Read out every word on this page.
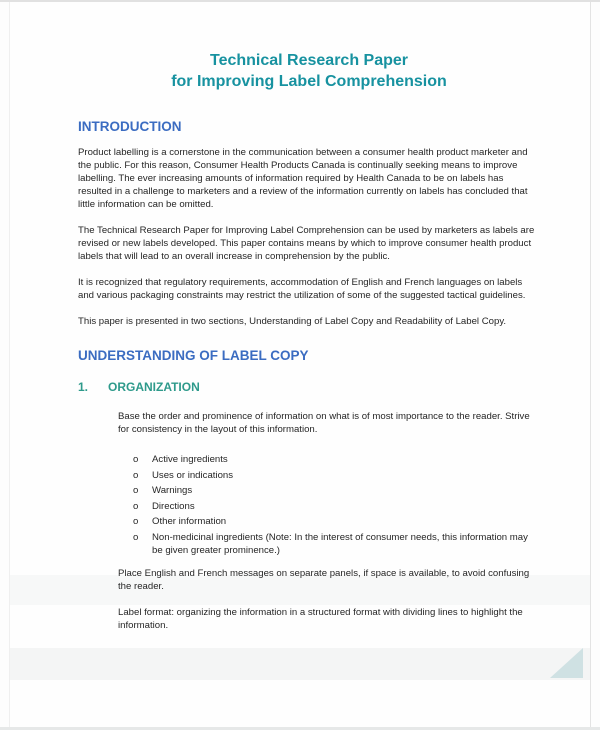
Technical Research Paper
for Improving Label Comprehension
INTRODUCTION

Product labelling is a cornerstone in the communication between a consumer health product marketer and the public. For this reason, Consumer Health Products Canada is continually seeking means to improve labelling. The ever increasing amounts of information required by Health Canada to be on labels has resulted in a challenge to marketers and a review of the information currently on labels has concluded that little information can be omitted.

The Technical Research Paper for Improving Label Comprehension can be used by marketers as labels are revised or new labels developed. This paper contains means by which to improve consumer health product labels that will lead to an overall increase in comprehension by the public.

It is recognized that regulatory requirements, accommodation of English and French languages on labels and various packaging constraints may restrict the utilization of some of the suggested tactical guidelines.

This paper is presented in two sections, Understanding of Label Copy and Readability of Label Copy.

UNDERSTANDING OF LABEL COPY
1.	ORGANIZATION

Base the order and prominence of information on what is of most importance to the reader. Strive for consistency in the layout of this information.

o	Active ingredients
o	Uses or indications
o	Warnings
o	Directions
o	Other information
o	Non-medicinal ingredients (Note: In the interest of consumer needs, this information may be given greater prominence.)

Place English and French messages on separate panels, if space is available, to avoid confusing the reader.

Label format: organizing the information in a structured format with dividing lines to highlight the information.
